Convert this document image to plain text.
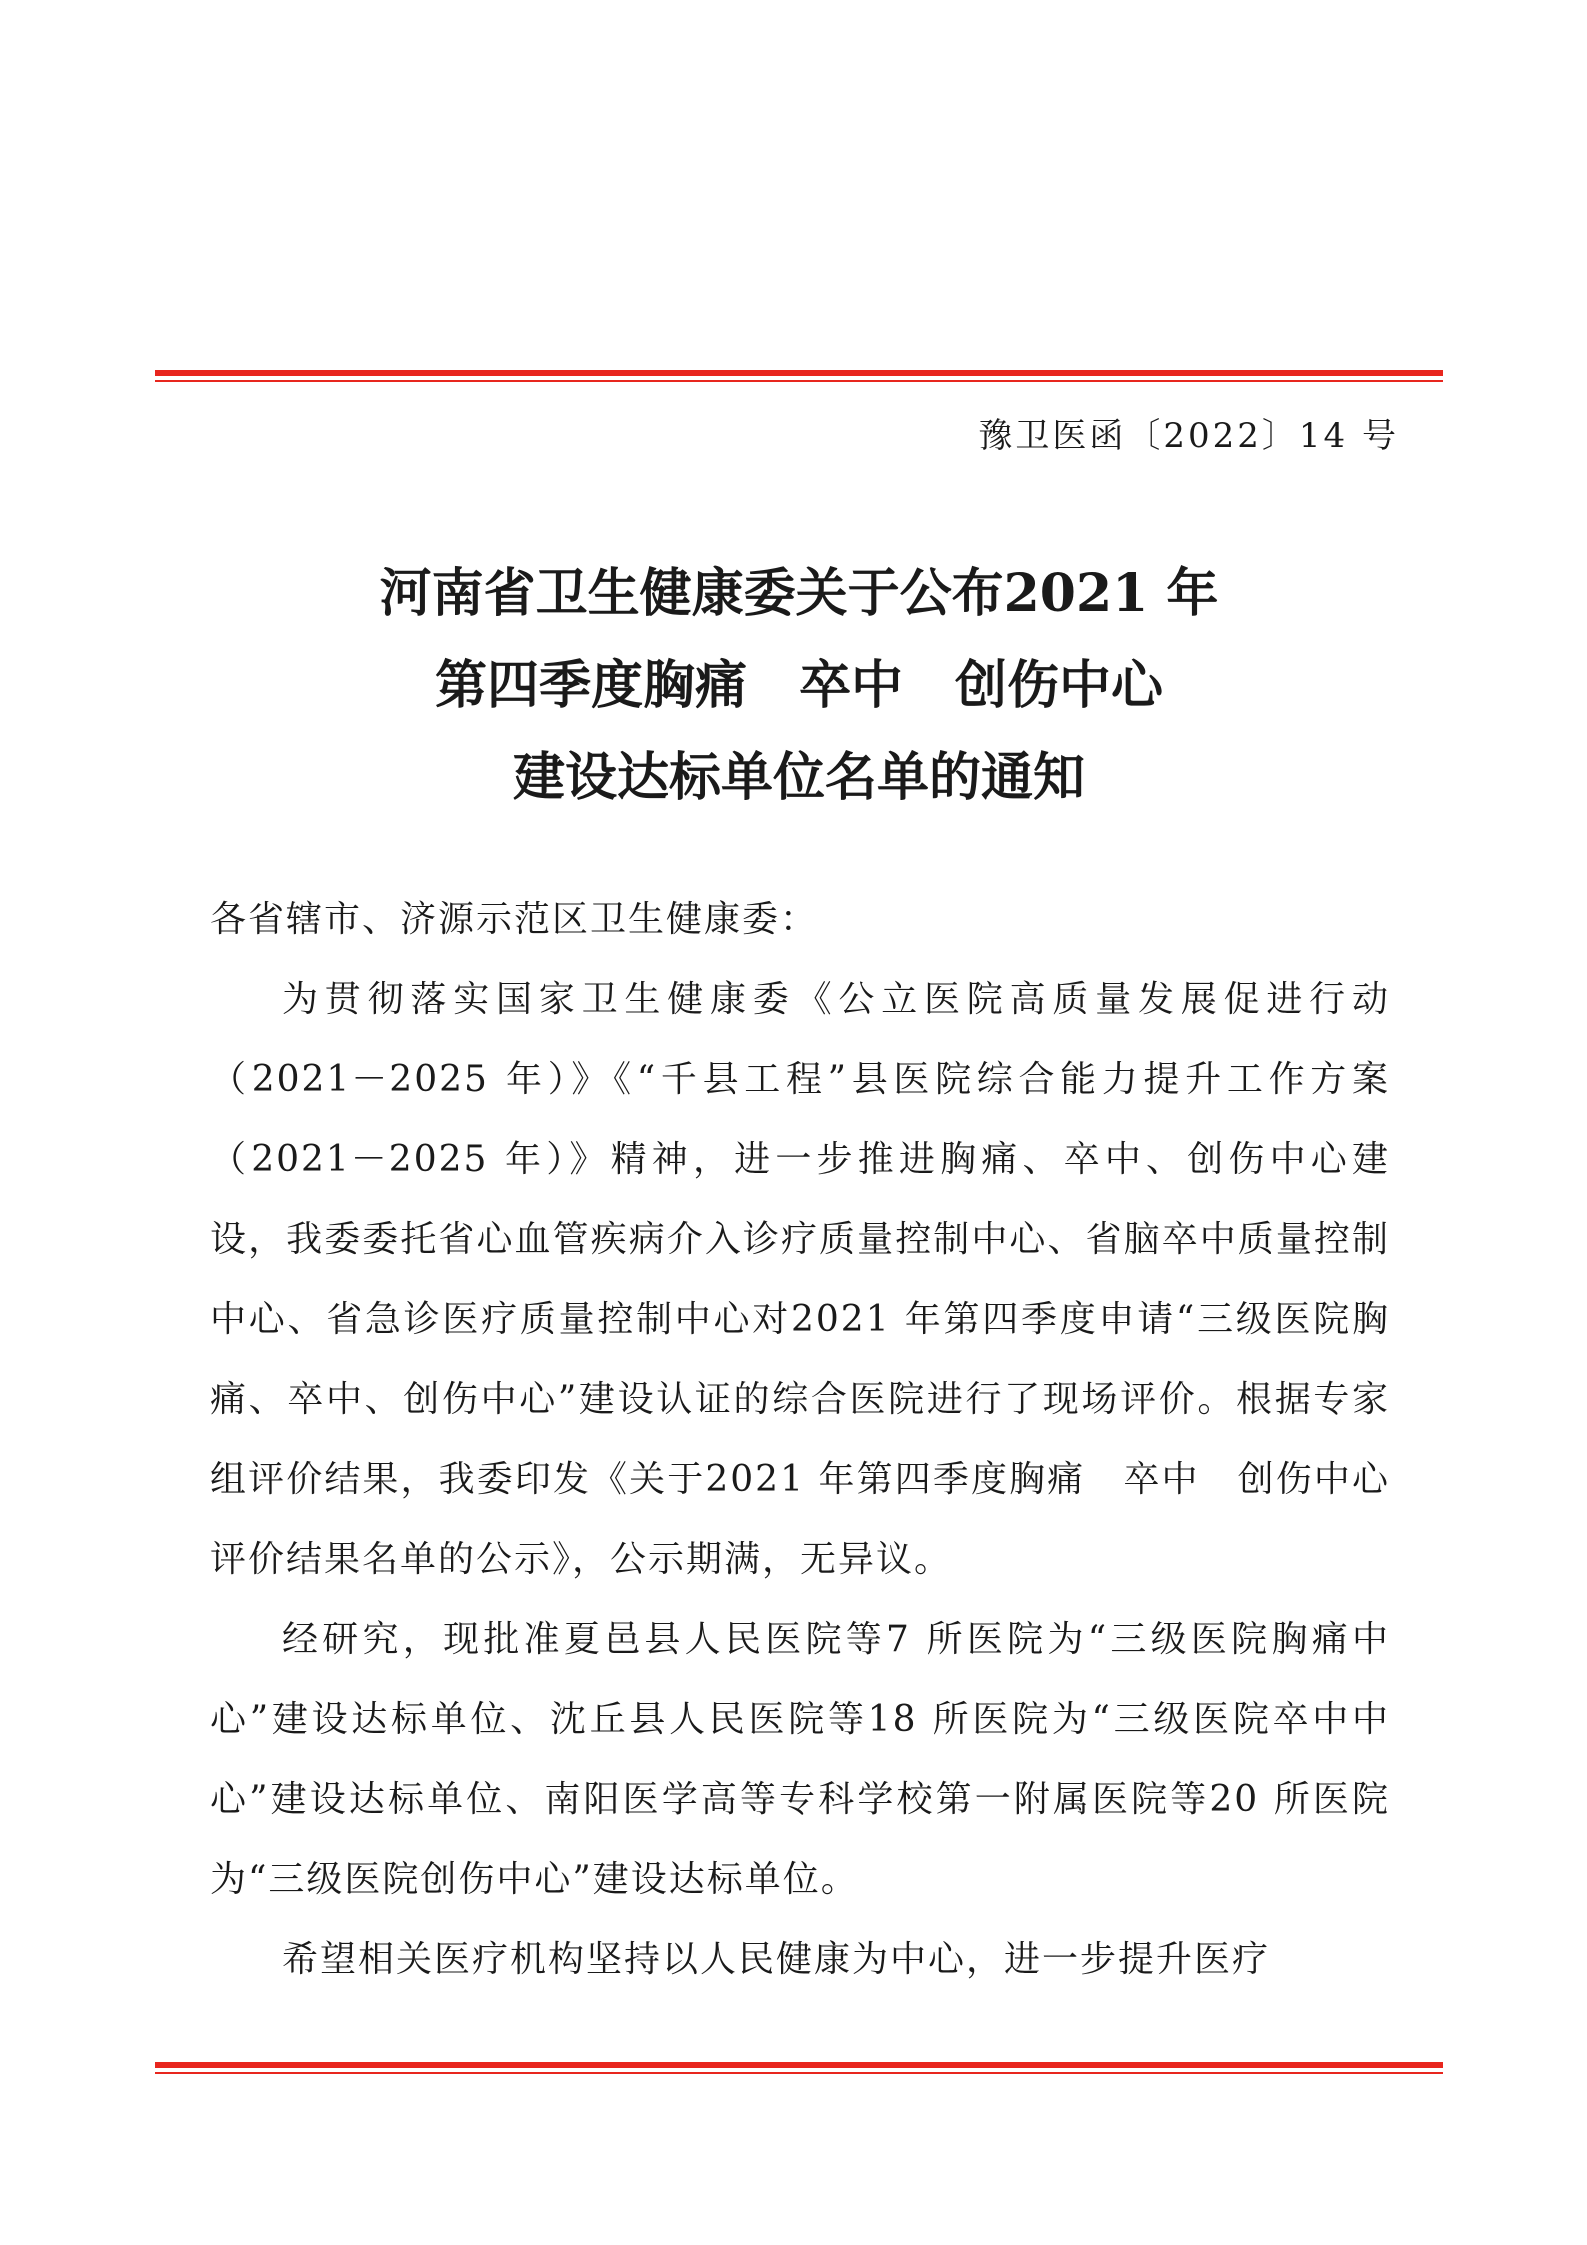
豫卫医函〔2022〕14 号
河南省卫生健康委关于公布2021 年
第四季度胸痛　卒中　创伤中心
建设达标单位名单的通知
各省辖市、济源示范区卫生健康委：

为贯彻落实国家卫生健康委《公立医院高质量发展促进行动（2021－2025 年）》《“千县工程”县医院综合能力提升工作方案（2021－2025 年）》精神，进一步推进胸痛、卒中、创伤中心建设，我委委托省心血管疾病介入诊疗质量控制中心、省脑卒中质量控制中心、省急诊医疗质量控制中心对2021 年第四季度申请“三级医院胸痛、卒中、创伤中心”建设认证的综合医院进行了现场评价。根据专家组评价结果，我委印发《关于2021 年第四季度胸痛　卒中　创伤中心评价结果名单的公示》，公示期满，无异议。

经研究，现批准夏邑县人民医院等7 所医院为“三级医院胸痛中心”建设达标单位、沈丘县人民医院等18 所医院为“三级医院卒中中心”建设达标单位、南阳医学高等专科学校第一附属医院等20 所医院为“三级医院创伤中心”建设达标单位。

希望相关医疗机构坚持以人民健康为中心，进一步提升医疗
